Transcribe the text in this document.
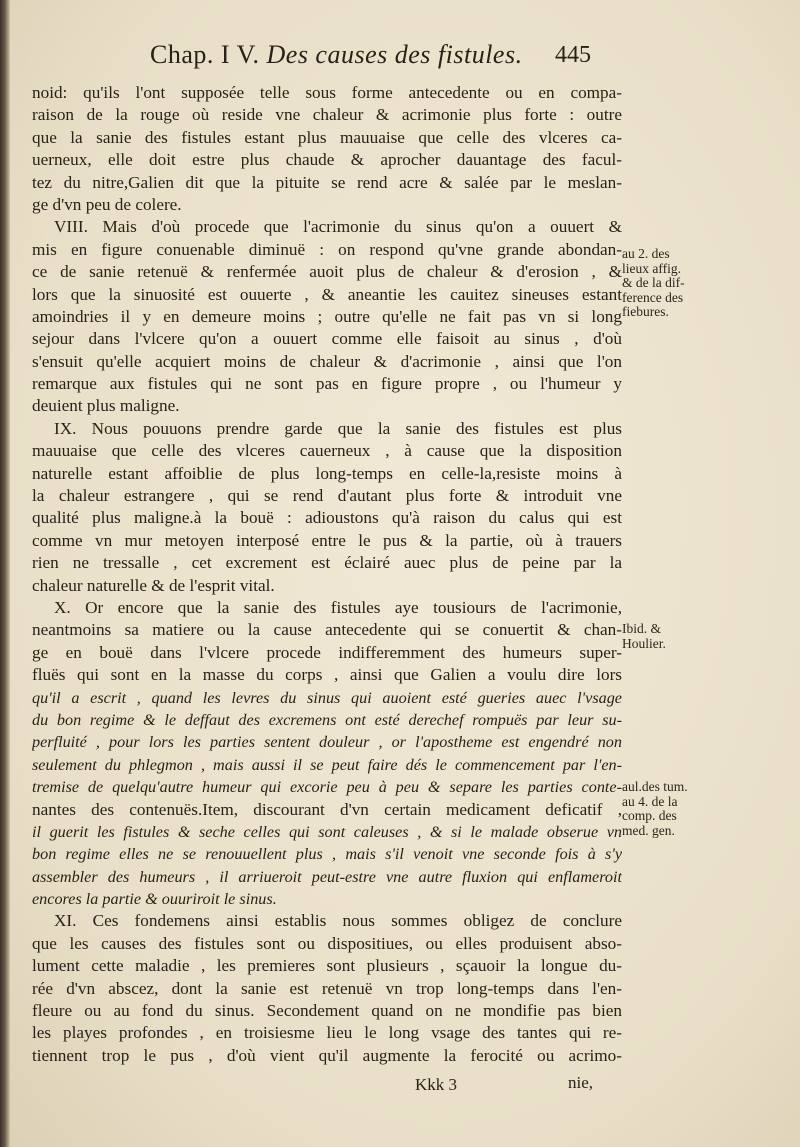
Chap. I V. Des causes des fistules. 445
noid: qu'ils l'ont supposée telle sous forme antecedente ou en compa-
raison de la rouge où reside vne chaleur & acrimonie plus forte : outre
que la sanie des fistules estant plus mauuaise que celle des vlceres ca-
uerneux, elle doit estre plus chaude & aprocher dauantage des facul-
tez du nitre,Galien dit que la pituite se rend acre & salée par le meslan-
ge d'vn peu de colere.
VIII. Mais d'où procede que l'acrimonie du sinus qu'on a ouuert &
mis en figure conuenable diminuë : on respond qu'vne grande abondan-
ce de sanie retenuë & renfermée auoit plus de chaleur & d'erosion , &
lors que la sinuosité est ouuerte , & aneantie les cauitez sineuses estant
amoindries il y en demeure moins ; outre qu'elle ne fait pas vn si long
sejour dans l'vlcere qu'on a ouuert comme elle faisoit au sinus , d'où
s'ensuit qu'elle acquiert moins de chaleur & d'acrimonie , ainsi que l'on
remarque aux fistules qui ne sont pas en figure propre , ou l'humeur y
deuient plus maligne.
IX. Nous pouuons prendre garde que la sanie des fistules est plus
mauuaise que celle des vlceres cauerneux , à cause que la disposition
naturelle estant affoiblie de plus long-temps en celle-la,resiste moins à
la chaleur estrangere , qui se rend d'autant plus forte & introduit vne
qualité plus maligne.à la bouë : adioustons qu'à raison du calus qui est
comme vn mur metoyen interposé entre le pus & la partie, où à trauers
rien ne tressalle , cet excrement est éclairé auec plus de peine par la
chaleur naturelle & de l'esprit vital.
X. Or encore que la sanie des fistules aye tousiours de l'acrimonie,
neantmoins sa matiere ou la cause antecedente qui se conuertit & chan-
ge en bouë dans l'vlcere procede indifferemment des humeurs super-
fluës qui sont en la masse du corps , ainsi que Galien a voulu dire lors
qu'il a escrit , quand les levres du sinus qui auoient esté gueries auec l'vsage
du bon regime & le deffaut des excremens ont esté derechef rompuës par leur su-
perfluité , pour lors les parties sentent douleur , or l'apostheme est engendré non
seulement du phlegmon , mais aussi il se peut faire dés le commencement par l'en-
tremise de quelqu'autre humeur qui excorie peu à peu & separe les parties conte-
nantes des contenuës.Item, discourant d'vn certain medicament deficatif ,
il guerit les fistules & seche celles qui sont caleuses , & si le malade obserue vn
bon regime elles ne se renouuellent plus , mais s'il venoit vne seconde fois à s'y
assembler des humeurs , il arriueroit peut-estre vne autre fluxion qui enflameroit
encores la partie & ouuriroit le sinus.
XI. Ces fondemens ainsi establis nous sommes obligez de conclure
que les causes des fistules sont ou dispositiues, ou elles produisent abso-
lument cette maladie , les premieres sont plusieurs , sçauoir la longue du-
rée d'vn abscez, dont la sanie est retenuë vn trop long-temps dans l'en-
fleure ou au fond du sinus. Secondement quand on ne mondifie pas bien
les playes profondes , en troisiesme lieu le long vsage des tantes qui re-
tiennent trop le pus , d'où vient qu'il augmente la ferocité ou acrimo-
au 2. des
lieux affig.
& de la dif-
ference des
fiebures.
Ibid. &
Houlier.
aul.des tum.
au 4. de la
comp. des
med. gen.
Kkk 3	nie,
